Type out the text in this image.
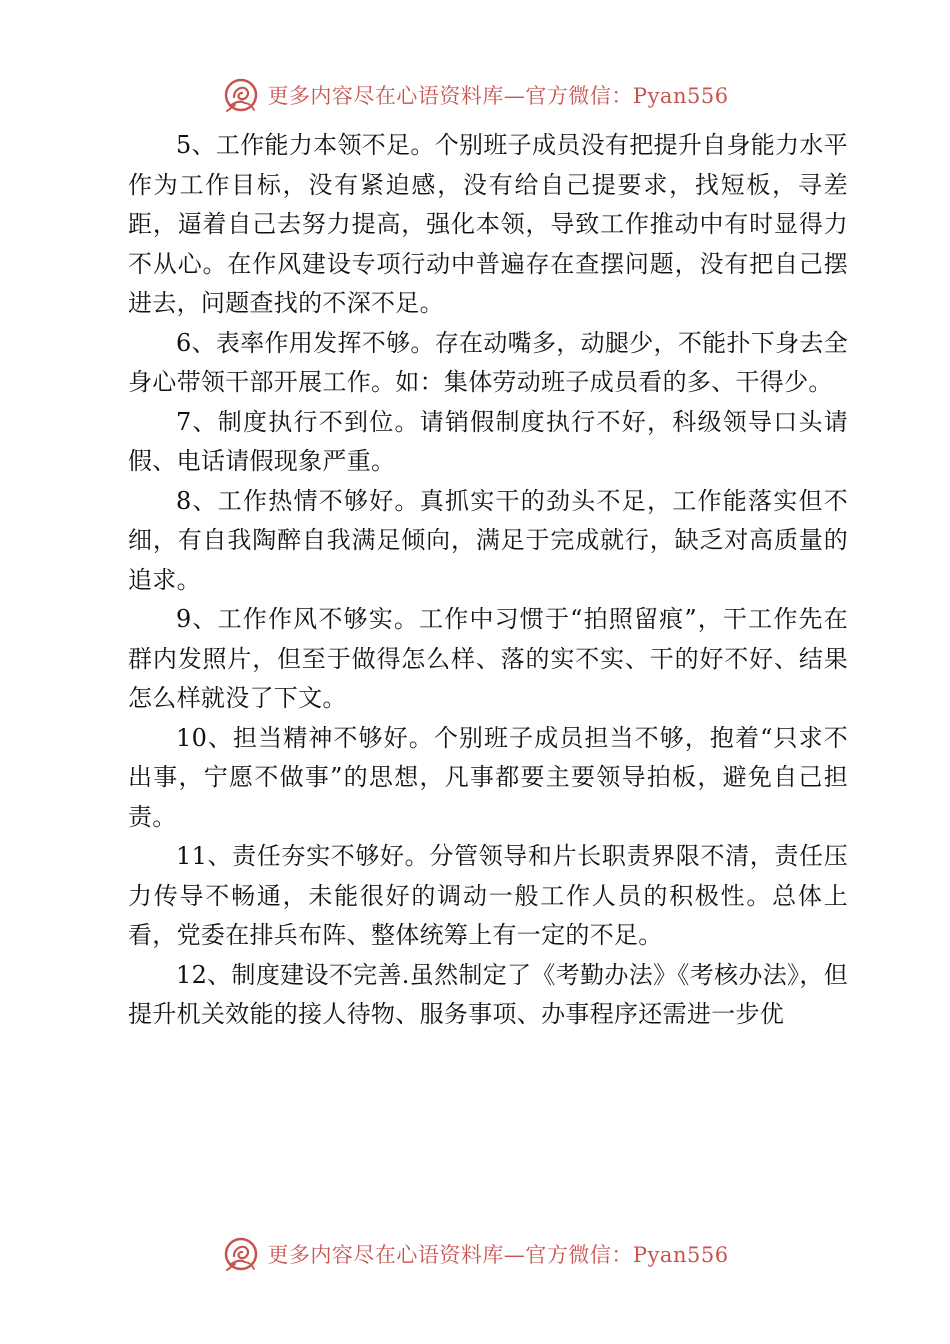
更多内容尽在心语资料库—官方微信：Pyan556

5、工作能力本领不足。个别班子成员没有把提升自身能力水平作为工作目标，没有紧迫感，没有给自己提要求，找短板，寻差距，逼着自己去努力提高，强化本领，导致工作推动中有时显得力不从心。在作风建设专项行动中普遍存在查摆问题，没有把自己摆进去，问题查找的不深不足。

6、表率作用发挥不够。存在动嘴多，动腿少，不能扑下身去全身心带领干部开展工作。如：集体劳动班子成员看的多、干得少。

7、制度执行不到位。请销假制度执行不好，科级领导口头请假、电话请假现象严重。

8、工作热情不够好。真抓实干的劲头不足，工作能落实但不细，有自我陶醉自我满足倾向，满足于完成就行，缺乏对高质量的追求。

9、工作作风不够实。工作中习惯于“拍照留痕”，干工作先在群内发照片，但至于做得怎么样、落的实不实、干的好不好、结果怎么样就没了下文。

10、担当精神不够好。个别班子成员担当不够，抱着“只求不出事，宁愿不做事”的思想，凡事都要主要领导拍板，避免自己担责。

11、责任夯实不够好。分管领导和片长职责界限不清，责任压力传导不畅通，未能很好的调动一般工作人员的积极性。总体上看，党委在排兵布阵、整体统筹上有一定的不足。

12、制度建设不完善.虽然制定了《考勤办法》《考核办法》，但提升机关效能的接人待物、服务事项、办事程序还需进一步优

更多内容尽在心语资料库—官方微信：Pyan556
